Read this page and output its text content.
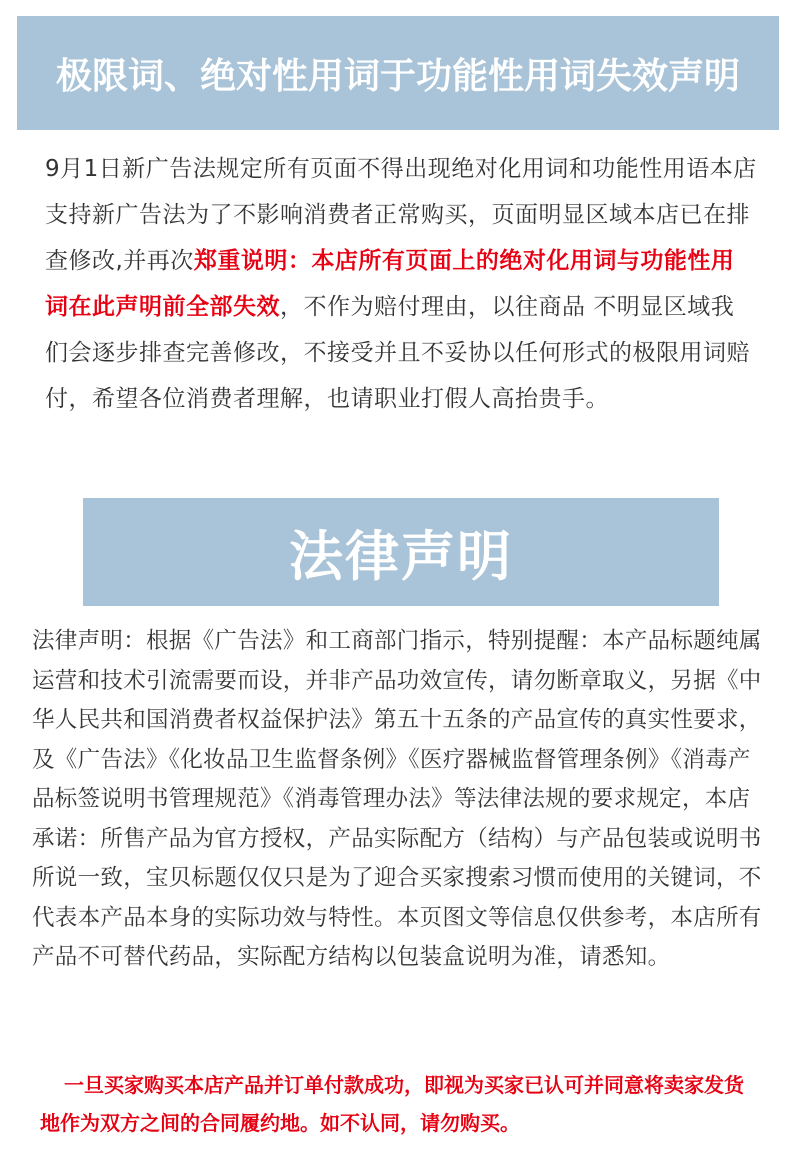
极限词、绝对性用词于功能性用词失效声明

9月1日新广告法规定所有页面不得出现绝对化用词和功能性用语本店支持新广告法为了不影响消费者正常购买，页面明显区域本店已在排查修改,并再次郑重说明：本店所有页面上的绝对化用词与功能性用词在此声明前全部失效，不作为赔付理由，以往商品 不明显区域我们会逐步排查完善修改，不接受并且不妥协以任何形式的极限用词赔付，希望各位消费者理解，也请职业打假人高抬贵手。

法律声明

法律声明：根据《广告法》和工商部门指示，特别提醒：本产品标题纯属运营和技术引流需要而设，并非产品功效宣传，请勿断章取义，另据《中华人民共和国消费者权益保护法》第五十五条的产品宣传的真实性要求，及《广告法》《化妆品卫生监督条例》《医疗器械监督管理条例》《消毒产品标签说明书管理规范》《消毒管理办法》等法律法规的要求规定，本店承诺：所售产品为官方授权，产品实际配方（结构）与产品包装或说明书所说一致，宝贝标题仅仅只是为了迎合买家搜索习惯而使用的关键词，不代表本产品本身的实际功效与特性。本页图文等信息仅供参考，本店所有产品不可替代药品，实际配方结构以包装盒说明为准，请悉知。

一旦买家购买本店产品并订单付款成功，即视为买家已认可并同意将卖家发货地作为双方之间的合同履约地。如不认同，请勿购买。
